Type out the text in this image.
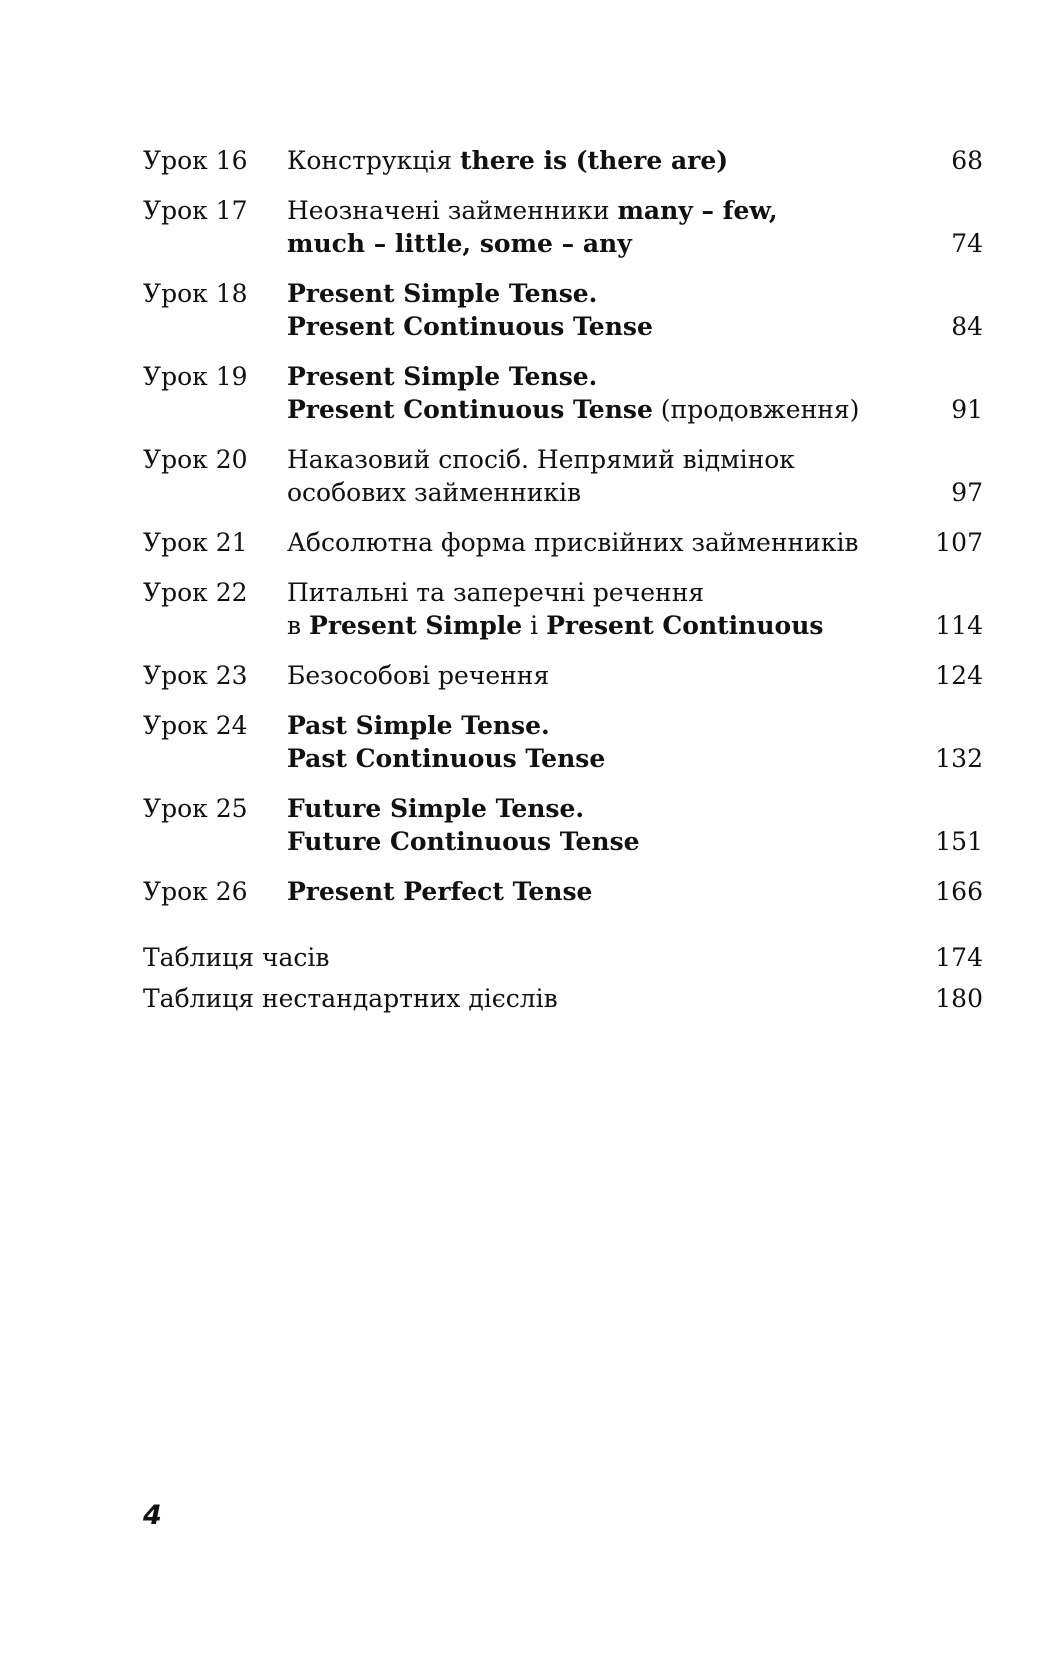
Урок 16	Конструкція there is (there are)	68
Урок 17	Неозначені займенники many – few,
much – little, some – any	74
Урок 18	Present Simple Tense.
Present Continuous Tense	84
Урок 19	Present Simple Tense.
Present Continuous Tense (продовження)	91
Урок 20	Наказовий спосіб. Непрямий відмінок
особових займенників	97
Урок 21	Абсолютна форма присвійних займенників	107
Урок 22	Питальні та заперечні речення
в Present Simple і Present Continuous	114
Урок 23	Безособові речення	124
Урок 24	Past Simple Tense.
Past Continuous Tense	132
Урок 25	Future Simple Tense.
Future Continuous Tense	151
Урок 26	Present Perfect Tense	166
Таблиця часів	174
Таблиця нестандартних дієслів	180
4
